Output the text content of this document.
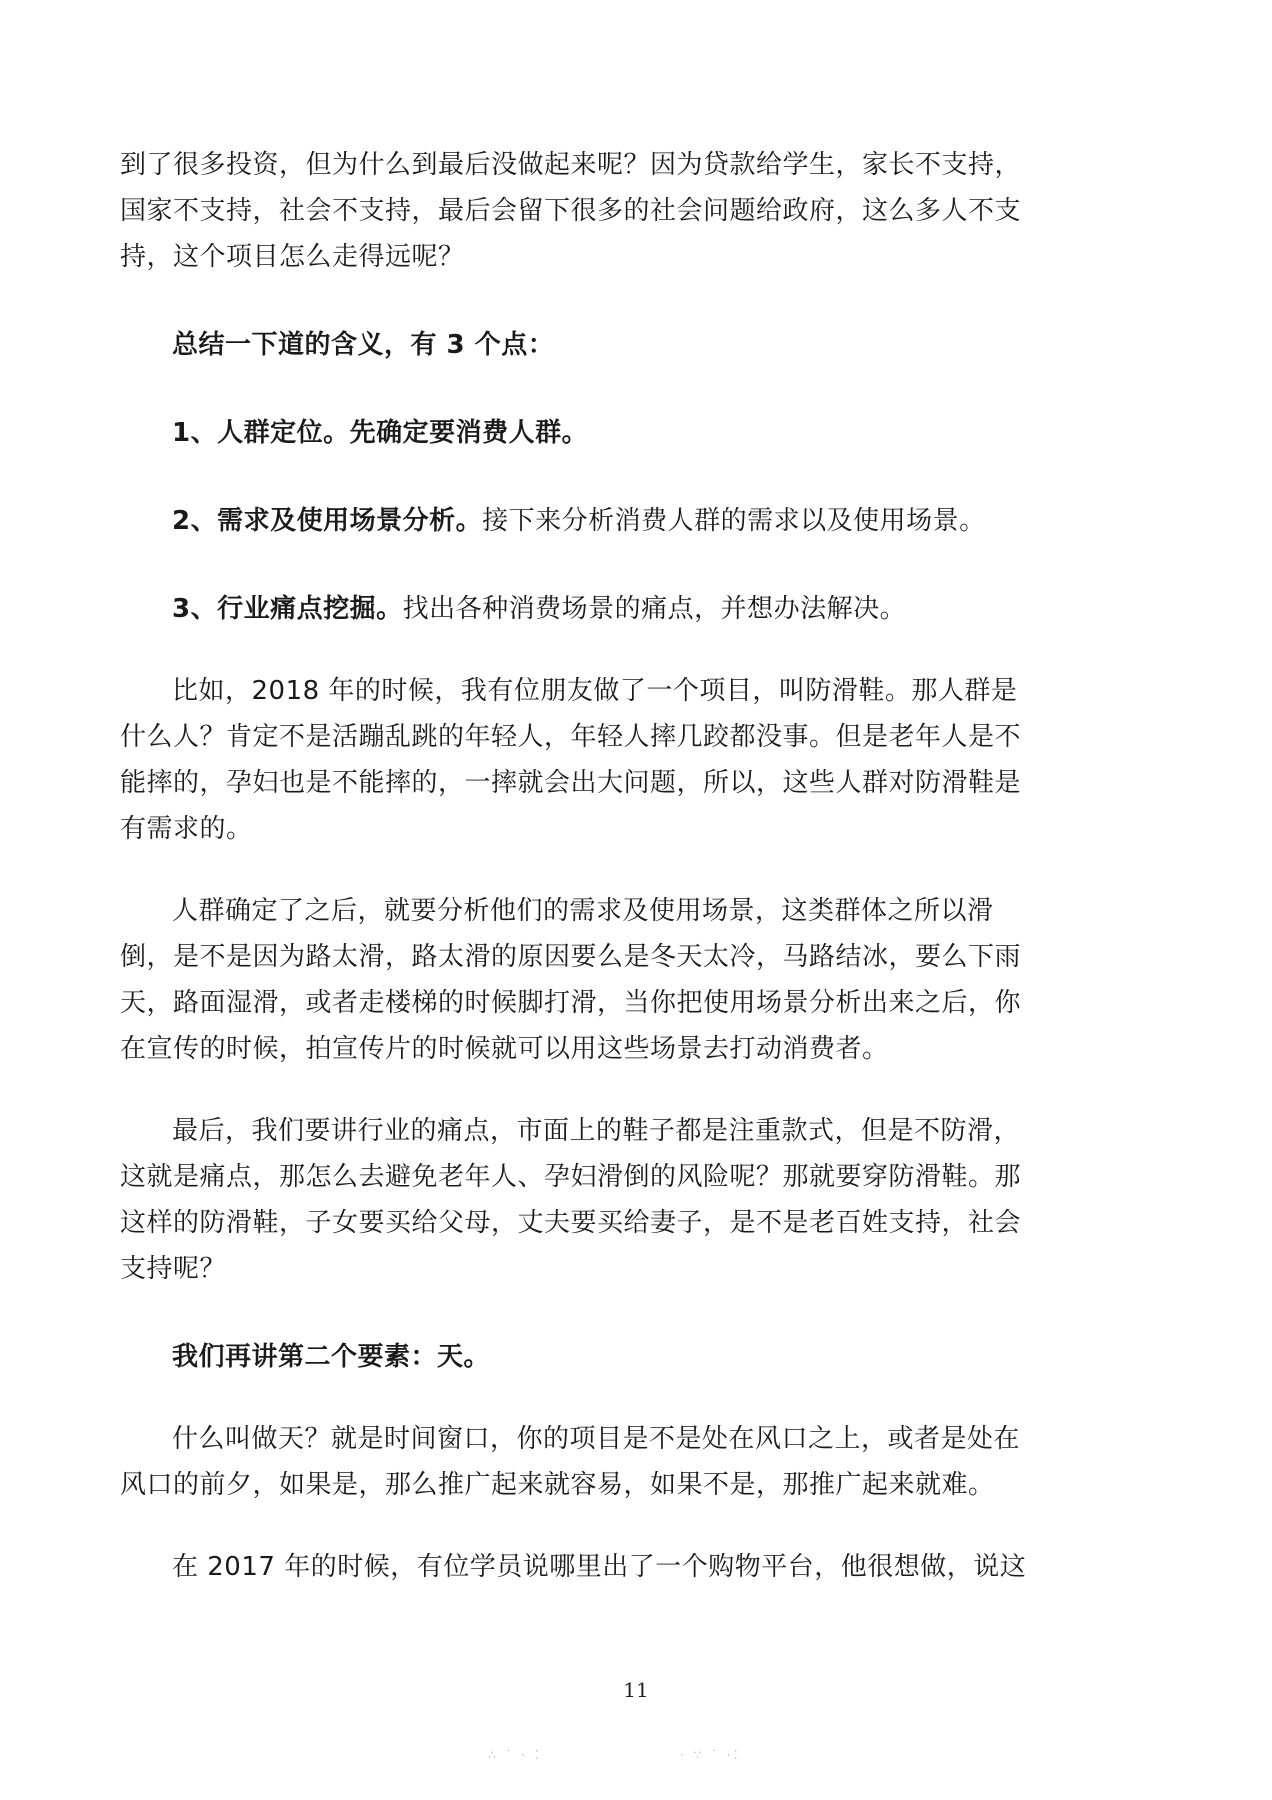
到了很多投资，但为什么到最后没做起来呢？因为贷款给学生，家长不支持，国家不支持，社会不支持，最后会留下很多的社会问题给政府，这么多人不支持，这个项目怎么走得远呢？

总结一下道的含义，有 3 个点：

1、人群定位。先确定要消费人群。

2、需求及使用场景分析。接下来分析消费人群的需求以及使用场景。

3、行业痛点挖掘。找出各种消费场景的痛点，并想办法解决。

比如，2018 年的时候，我有位朋友做了一个项目，叫防滑鞋。那人群是什么人？肯定不是活蹦乱跳的年轻人，年轻人摔几跤都没事。但是老年人是不能摔的，孕妇也是不能摔的，一摔就会出大问题，所以，这些人群对防滑鞋是有需求的。

人群确定了之后，就要分析他们的需求及使用场景，这类群体之所以滑倒，是不是因为路太滑，路太滑的原因要么是冬天太冷，马路结冰，要么下雨天，路面湿滑，或者走楼梯的时候脚打滑，当你把使用场景分析出来之后，你在宣传的时候，拍宣传片的时候就可以用这些场景去打动消费者。

最后，我们要讲行业的痛点，市面上的鞋子都是注重款式，但是不防滑，这就是痛点，那怎么去避免老年人、孕妇滑倒的风险呢？那就要穿防滑鞋。那这样的防滑鞋，子女要买给父母，丈夫要买给妻子，是不是老百姓支持，社会支持呢？

我们再讲第二个要素：天。

什么叫做天？就是时间窗口，你的项目是不是处在风口之上，或者是处在风口的前夕，如果是，那么推广起来就容易，如果不是，那推广起来就难。

在 2017 年的时候，有位学员说哪里出了一个购物平台，他很想做，说这

11
∴ ˙ · ⁚	· ∵ ˙ ·⁚
